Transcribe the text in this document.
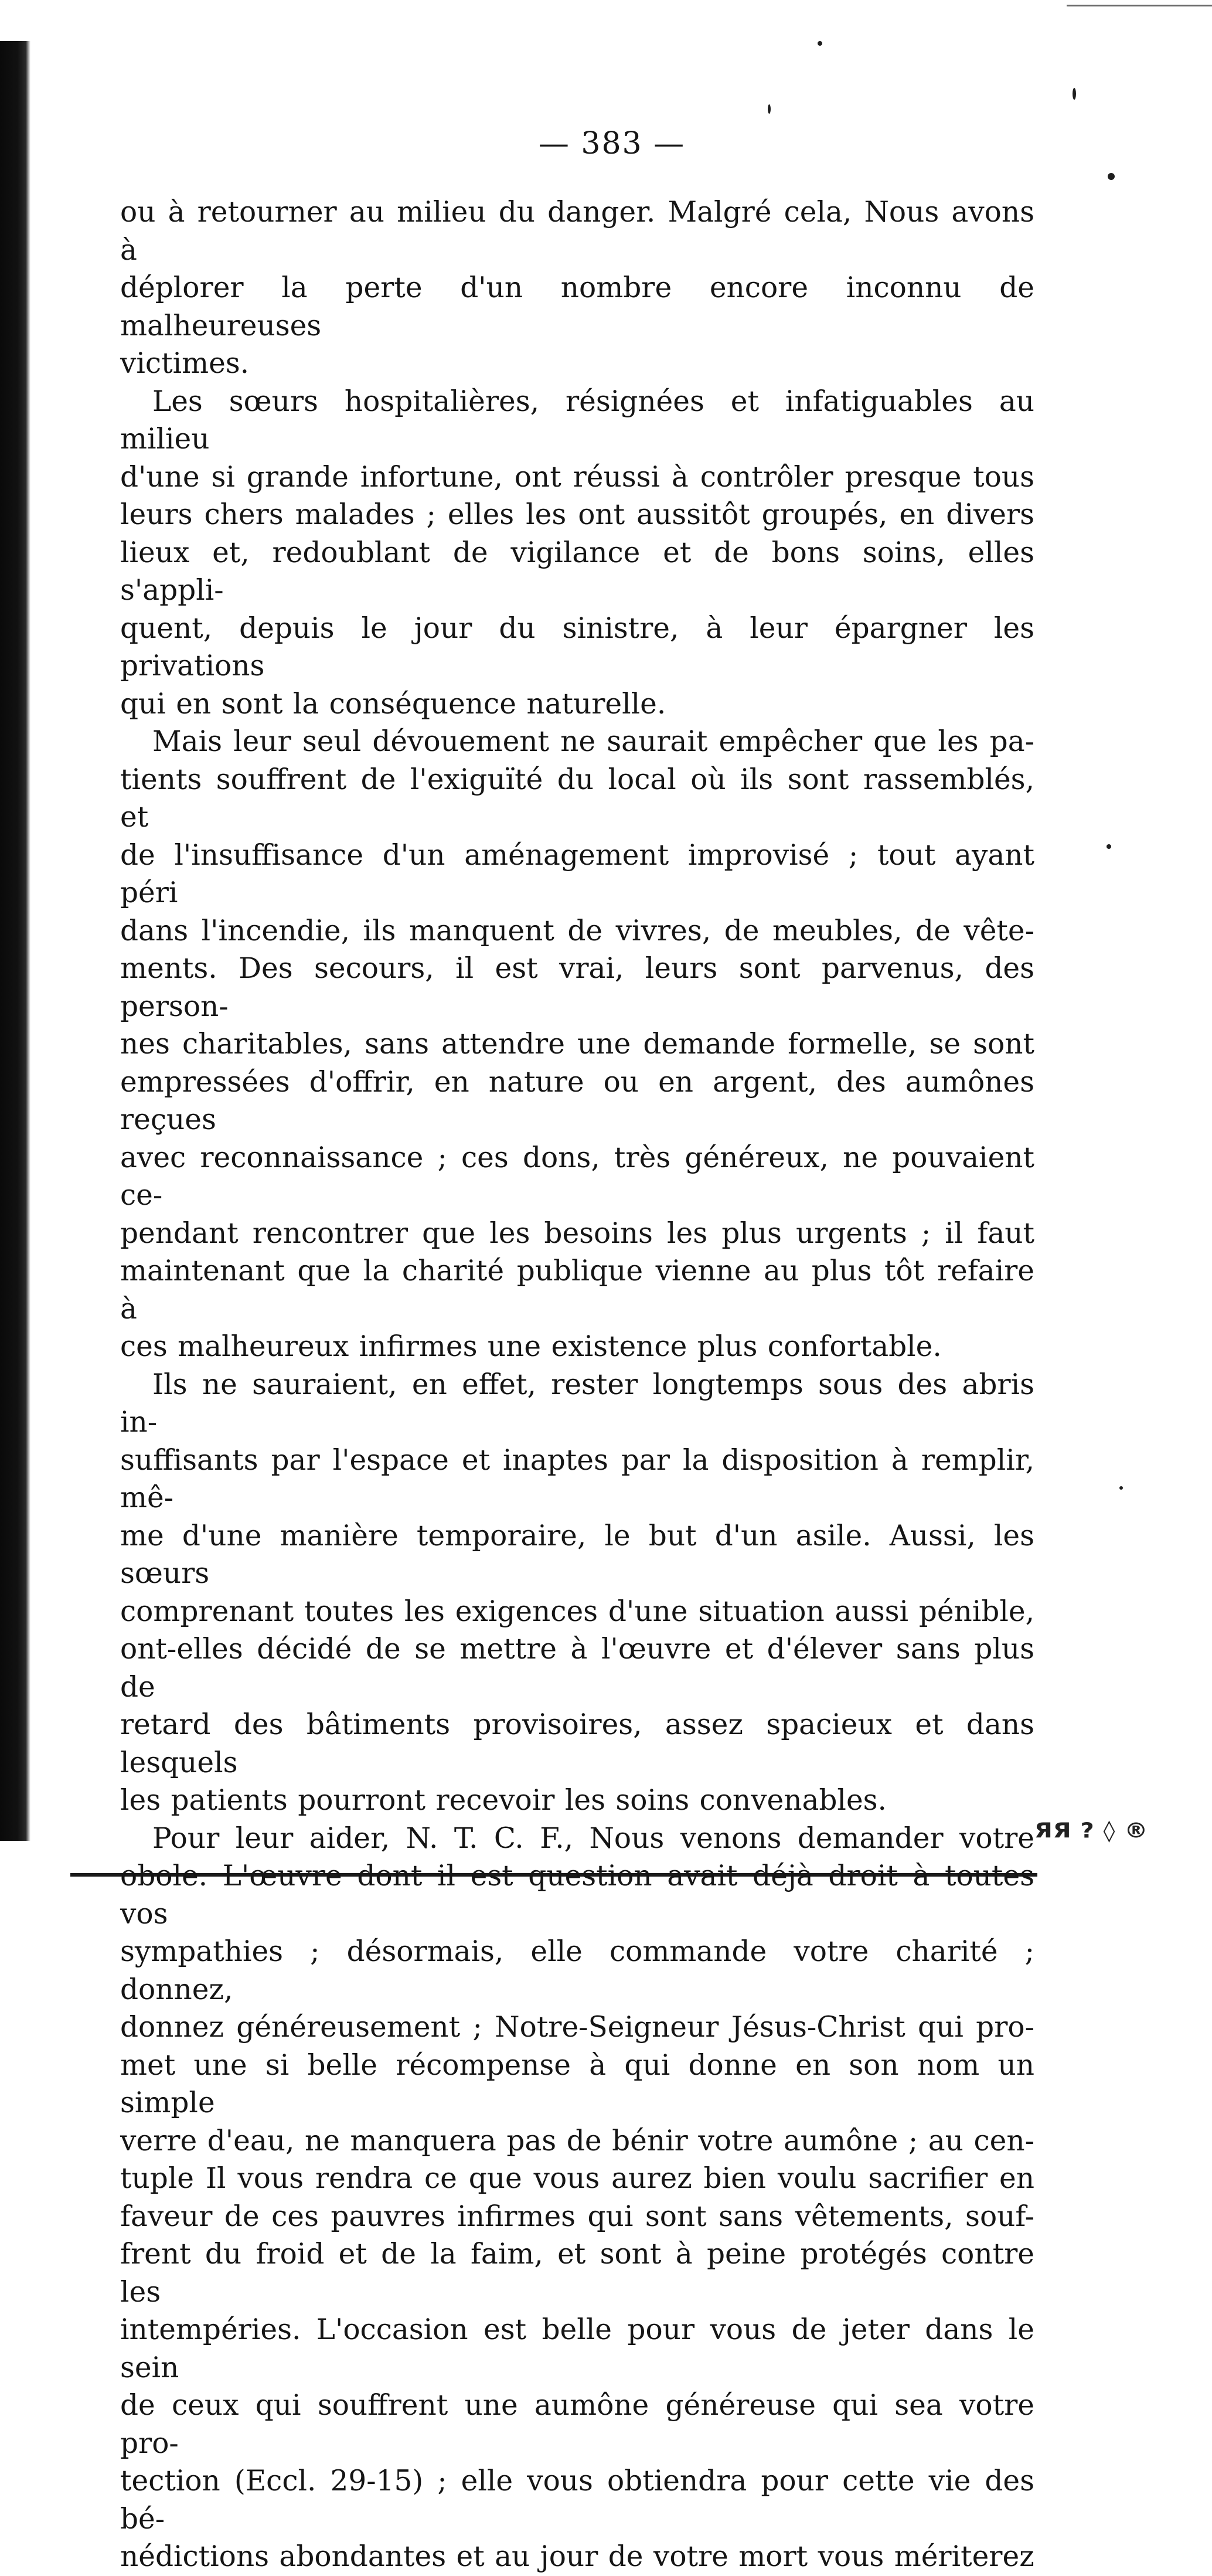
— 383 —

ou à retourner au milieu du danger. Malgré cela, Nous avons à
déplorer la perte d'un nombre encore inconnu de malheureuses
victimes.

Les sœurs hospitalières, résignées et infatiguables au milieu
d'une si grande infortune, ont réussi à contrôler presque tous
leurs chers malades ; elles les ont aussitôt groupés, en divers
lieux et, redoublant de vigilance et de bons soins, elles s'appli-
quent, depuis le jour du sinistre, à leur épargner les privations
qui en sont la conséquence naturelle.

Mais leur seul dévouement ne saurait empêcher que les pa-
tients souffrent de l'exiguïté du local où ils sont rassemblés, et
de l'insuffisance d'un aménagement improvisé ; tout ayant péri
dans l'incendie, ils manquent de vivres, de meubles, de vête-
ments. Des secours, il est vrai, leurs sont parvenus, des person-
nes charitables, sans attendre une demande formelle, se sont
empressées d'offrir, en nature ou en argent, des aumônes reçues
avec reconnaissance ; ces dons, très généreux, ne pouvaient ce-
pendant rencontrer que les besoins les plus urgents ; il faut
maintenant que la charité publique vienne au plus tôt refaire à
ces malheureux infirmes une existence plus confortable.

Ils ne sauraient, en effet, rester longtemps sous des abris in-
suffisants par l'espace et inaptes par la disposition à remplir, mê-
me d'une manière temporaire, le but d'un asile. Aussi, les sœurs
comprenant toutes les exigences d'une situation aussi pénible,
ont-elles décidé de se mettre à l'œuvre et d'élever sans plus de
retard des bâtiments provisoires, assez spacieux et dans lesquels
les patients pourront recevoir les soins convenables.

Pour leur aider, N. T. C. F., Nous venons demander votre
obole. L'œuvre dont il est question avait déjà droit à toutes vos
sympathies ; désormais, elle commande votre charité ; donnez,
donnez généreusement ; Notre-Seigneur Jésus-Christ qui pro-
met une si belle récompense à qui donne en son nom un simple
verre d'eau, ne manquera pas de bénir votre aumône ; au cen-
tuple Il vous rendra ce que vous aurez bien voulu sacrifier en
faveur de ces pauvres infirmes qui sont sans vêtements, souf-
frent du froid et de la faim, et sont à peine protégés contre les
intempéries. L'occasion est belle pour vous de jeter dans le sein
de ceux qui souffrent une aumône généreuse qui sea votre pro-
tection (Eccl. 29-15) ; elle vous obtiendra pour cette vie des bé-
nédictions abondantes et au jour de votre mort vous mériterez

ЯЯ ? ◊ ®
